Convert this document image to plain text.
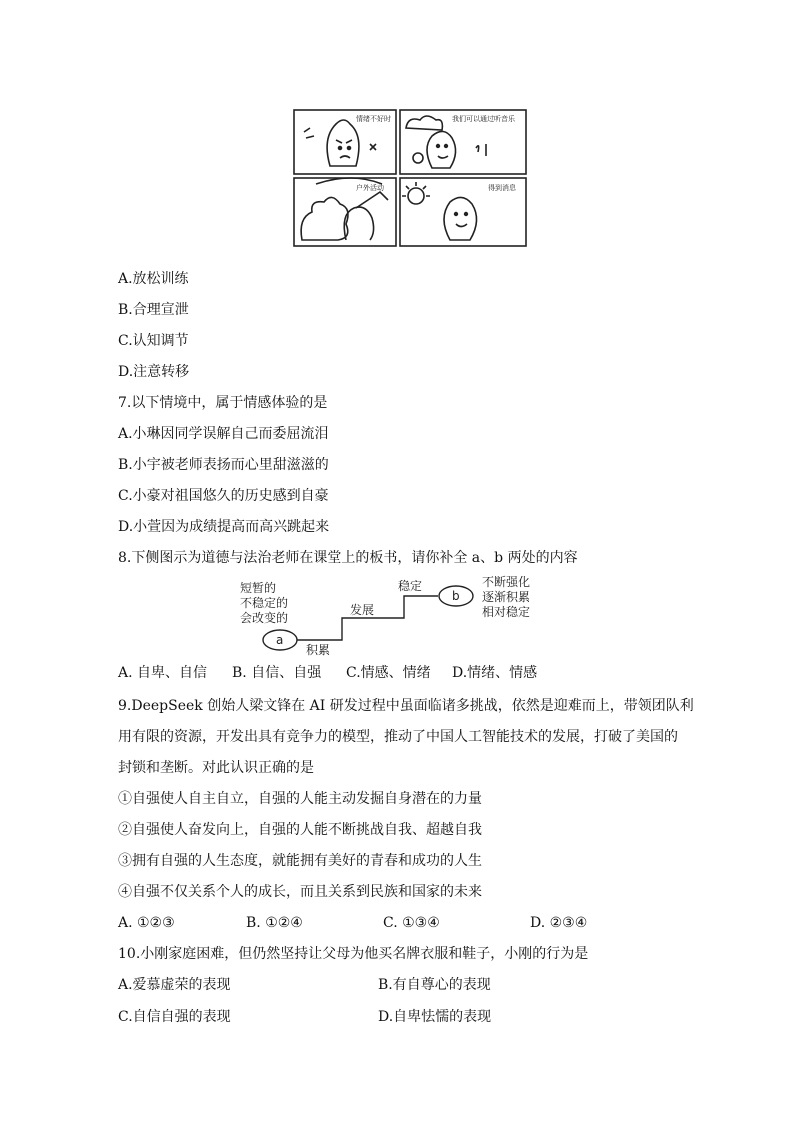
情绪不好时	我们可以通过听音乐
户外活动	得到消息
A.放松训练
B.合理宣泄
C.认知调节
D.注意转移
7.以下情境中，属于情感体验的是
A.小琳因同学误解自己而委屈流泪
B.小宇被老师表扬而心里甜滋滋的
C.小豪对祖国悠久的历史感到自豪
D.小萱因为成绩提高而高兴跳起来
8.下侧图示为道德与法治老师在课堂上的板书，请你补全 a、b 两处的内容
短暂的
不稳定的
会改变的
a
b
积累
发展
稳定	不断强化
逐渐积累
相对稳定
A. 自卑、自信 B. 自信、自强 C.情感、情绪 D.情绪、情感
9.DeepSeek 创始人梁文锋在 AI 研发过程中虽面临诸多挑战，依然是迎难而上，带领团队利
用有限的资源，开发出具有竞争力的模型，推动了中国人工智能技术的发展，打破了美国的
封锁和垄断。对此认识正确的是
①自强使人自主自立，自强的人能主动发掘自身潜在的力量
②自强使人奋发向上，自强的人能不断挑战自我、超越自我
③拥有自强的人生态度，就能拥有美好的青春和成功的人生
④自强不仅关系个人的成长，而且关系到民族和国家的未来
A. ①②③	B. ①②④	C. ①③④	D. ②③④
10.小刚家庭困难，但仍然坚持让父母为他买名牌衣服和鞋子，小刚的行为是
A.爱慕虚荣的表现	B.有自尊心的表现
C.自信自强的表现	D.自卑怯懦的表现
